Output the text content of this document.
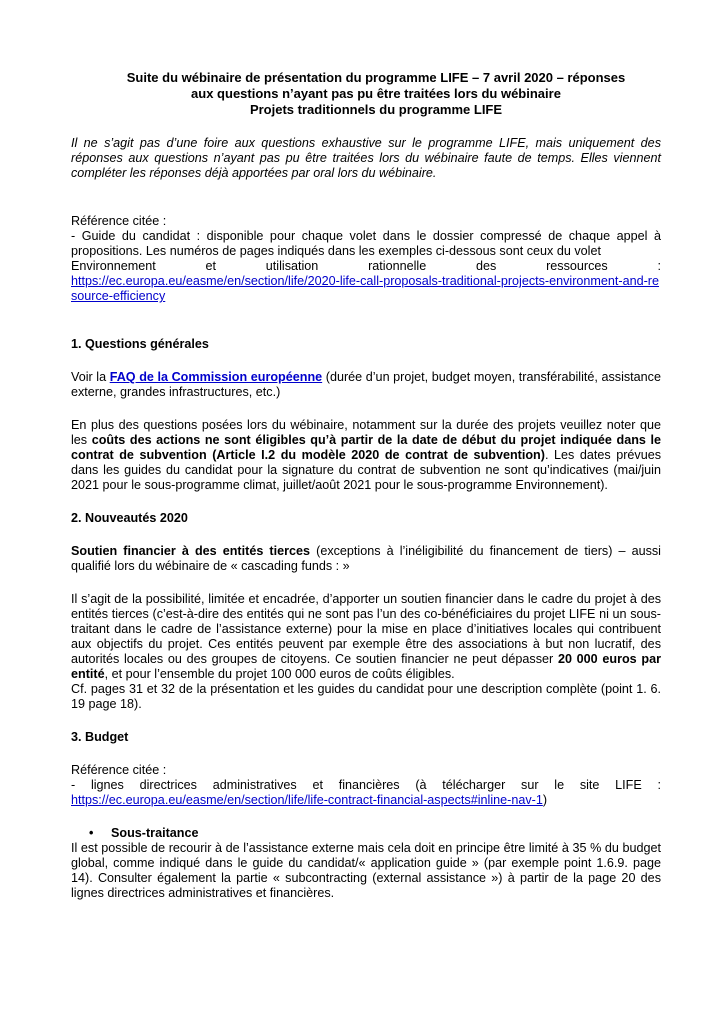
Suite du wébinaire de présentation du programme LIFE – 7 avril 2020 – réponses

aux questions n’ayant pas pu être traitées lors du wébinaire

Projets traditionnels du programme LIFE

Il ne s’agit pas d’une foire aux questions exhaustive sur le programme LIFE, mais uniquement des réponses aux questions n’ayant pas pu être traitées lors du wébinaire faute de temps. Elles viennent compléter les réponses déjà apportées par oral lors du wébinaire.

Référence citée :

- Guide du candidat : disponible pour chaque volet dans le dossier compressé de chaque appel à propositions. Les numéros de pages indiqués dans les exemples ci-dessous sont ceux du volet

Environnement et utilisation rationnelle des ressources :

https://ec.europa.eu/easme/en/section/life/2020-life-call-proposals-traditional-projects-environment-and-resource-efficiency

1. Questions générales

Voir la FAQ de la Commission européenne (durée d’un projet, budget moyen, transférabilité, assistance externe, grandes infrastructures, etc.)

En plus des questions posées lors du wébinaire, notamment sur la durée des projets veuillez noter que les coûts des actions ne sont éligibles qu’à partir de la date de début du projet indiquée dans le contrat de subvention (Article I.2 du modèle 2020 de contrat de subvention). Les dates prévues dans les guides du candidat pour la signature du contrat de subvention ne sont qu’indicatives (mai/juin 2021 pour le sous-programme climat, juillet/août 2021 pour le sous-programme Environnement).

2. Nouveautés 2020

Soutien financier à des entités tierces (exceptions à l’inéligibilité du financement de tiers) – aussi qualifié lors du wébinaire de « cascading funds : »

Il s’agit de la possibilité, limitée et encadrée, d’apporter un soutien financier dans le cadre du projet à des entités tierces (c’est-à-dire des entités qui ne sont pas l’un des co-bénéficiaires du projet LIFE ni un sous-traitant dans le cadre de l’assistance externe) pour la mise en place d’initiatives locales qui contribuent aux objectifs du projet. Ces entités peuvent par exemple être des associations à but non lucratif, des autorités locales ou des groupes de citoyens. Ce soutien financier ne peut dépasser 20 000 euros par entité, et pour l’ensemble du projet 100 000 euros de coûts éligibles.

Cf. pages 31 et 32 de la présentation et les guides du candidat pour une description complète (point 1. 6. 19 page 18).

3. Budget

Référence citée :

- lignes directrices administratives et financières (à télécharger sur le site LIFE :

https://ec.europa.eu/easme/en/section/life/life-contract-financial-aspects#inline-nav-1)

•	Sous-traitance

Il est possible de recourir à de l’assistance externe mais cela doit en principe être limité à 35 % du budget global, comme indiqué dans le guide du candidat/« application guide » (par exemple point 1.6.9. page 14). Consulter également la partie « subcontracting (external assistance ») à partir de la page 20 des lignes directrices administratives et financières.
